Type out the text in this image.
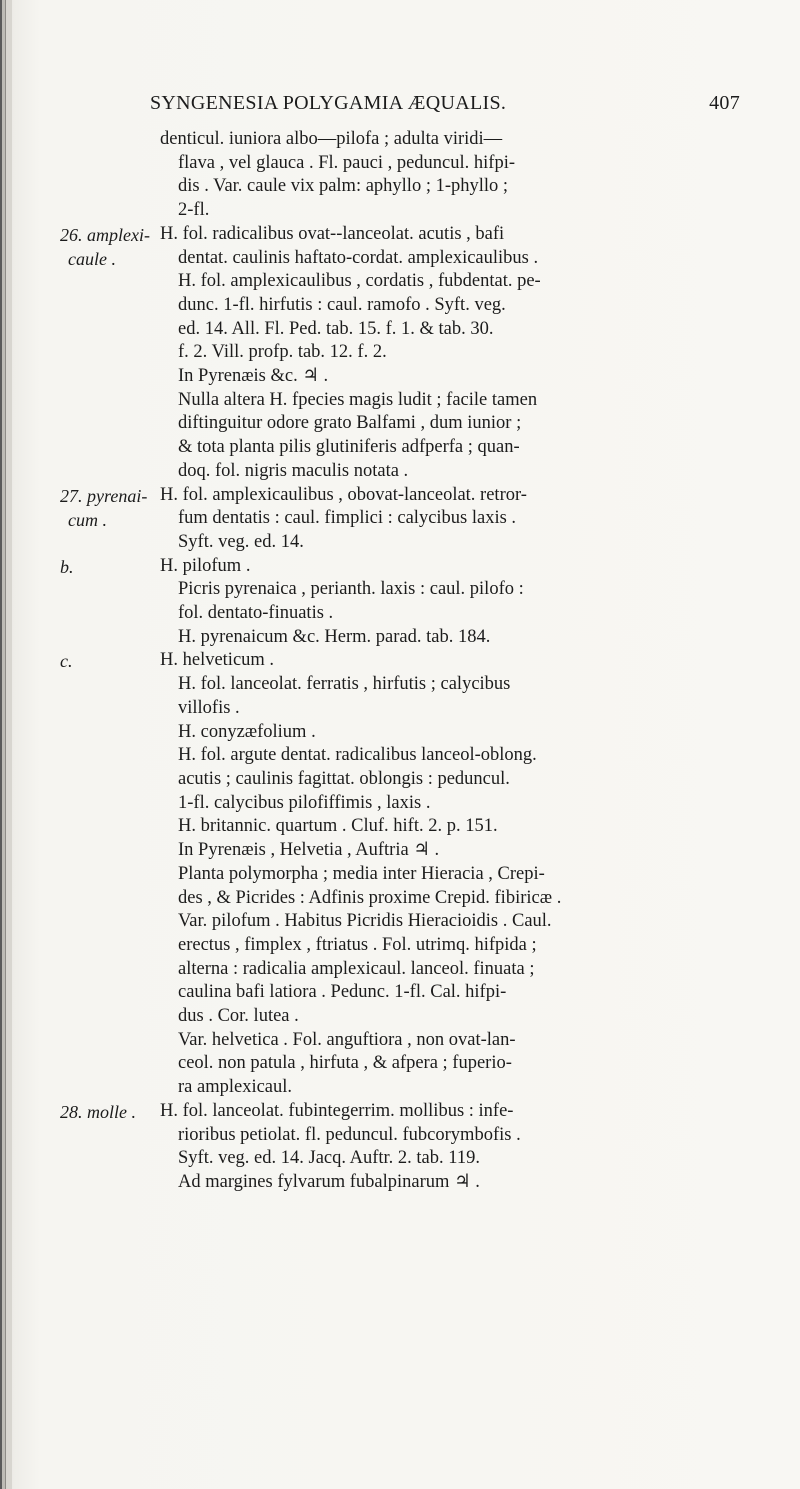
SYNGENESIA POLYGAMIA ÆQUALIS.	407
denticul. iuniora albo—pilofa ; adulta viridi—
flava , vel glauca . Fl. pauci , peduncul. hifpi-
dis . Var. caule vix palm: aphyllo ; 1-phyllo ;
2-fl.
26. amplexi-
caule .
H. fol. radicalibus ovat--lanceolat. acutis , bafi
dentat. caulinis haftato-cordat. amplexicaulibus .
H. fol. amplexicaulibus , cordatis , fubdentat. pe-
dunc. 1-fl. hirfutis : caul. ramofo . Syft. veg.
ed. 14. All. Fl. Ped. tab. 15. f. 1. & tab. 30.
f. 2. Vill. profp. tab. 12. f. 2.
In Pyrenæis &c. ♃ .
Nulla altera H. fpecies magis ludit ; facile tamen
diftinguitur odore grato Balfami , dum iunior ;
& tota planta pilis glutiniferis adfperfa ; quan-
doq. fol. nigris maculis notata .
27. pyrenai-
cum .
H. fol. amplexicaulibus , obovat-lanceolat. retror-
fum dentatis : caul. fimplici : calycibus laxis .
Syft. veg. ed. 14.
b.	H. pilofum .
Picris pyrenaica , perianth. laxis : caul. pilofo :
fol. dentato-finuatis .
H. pyrenaicum &c. Herm. parad. tab. 184.
c.	H. helveticum .
H. fol. lanceolat. ferratis , hirfutis ; calycibus
villofis .
H. conyzæfolium .
H. fol. argute dentat. radicalibus lanceol-oblong.
acutis ; caulinis fagittat. oblongis : peduncul.
1-fl. calycibus pilofiffimis , laxis .
H. britannic. quartum . Cluf. hift. 2. p. 151.
In Pyrenæis , Helvetia , Auftria ♃ .
Planta polymorpha ; media inter Hieracia , Crepi-
des , & Picrides : Adfinis proxime Crepid. fibiricæ .
Var. pilofum . Habitus Picridis Hieracioidis . Caul.
erectus , fimplex , ftriatus . Fol. utrimq. hifpida ;
alterna : radicalia amplexicaul. lanceol. finuata ;
caulina bafi latiora . Pedunc. 1-fl. Cal. hifpi-
dus . Cor. lutea .
Var. helvetica . Fol. anguftiora , non ovat-lan-
ceol. non patula , hirfuta , & afpera ; fuperio-
ra amplexicaul.
28. molle .	H. fol. lanceolat. fubintegerrim. mollibus : infe-
rioribus petiolat. fl. peduncul. fubcorymbofis .
Syft. veg. ed. 14. Jacq. Auftr. 2. tab. 119.
Ad margines fylvarum fubalpinarum ♃ .
